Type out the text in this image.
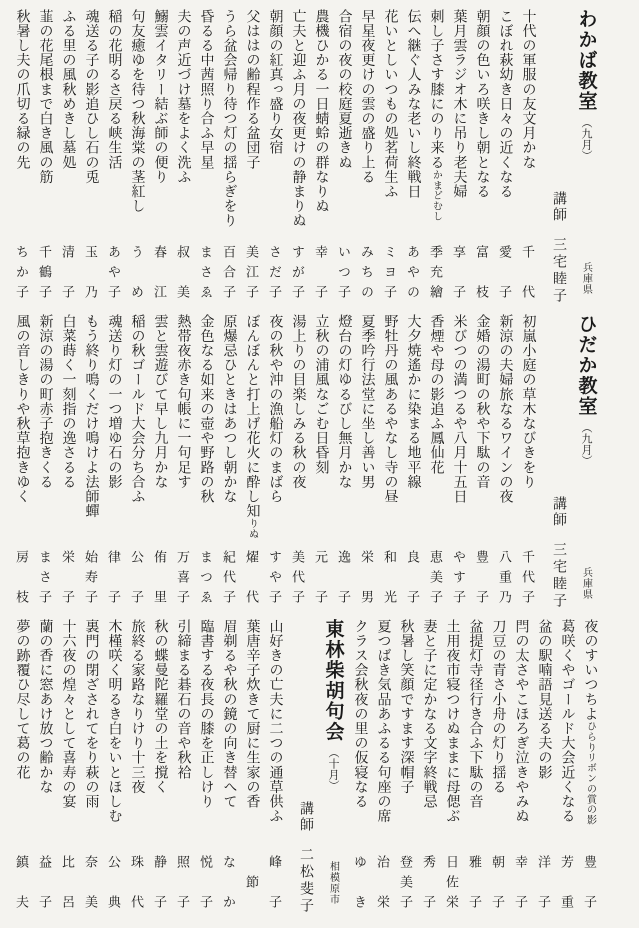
わかば教室
（九月）
兵庫県
講師
三宅睦子
十代の軍服の友文月かな
千　代
こぼれ萩幼き日々の近くなる
愛　子
朝顔の色いろ咲きし朝となる
富　枝
葉月雲ラジオ木に吊り老夫婦
享　子
刺し子さす膝にのり来るかまどむし
季充繪
伝へ継ぐ人みな老いし終戦日
あやの
花いとしいつもの処茗荷生ふ
ミヨ子
早星夜更けの雲の盛り上る
みちの
合宿の夜の校庭夏逝きぬ
いつ子
農機ひかる一日蜻蛉の群なりぬ
幸　子
亡夫と迎ふ月の夜更けの静まりぬ
すが子
朝顔の紅真っ盛り女宿
さだ子
父ははの齢程作る盆団子
美江子
うら盆会帰り待つ灯の揺らぎをり
百合子
昏るる中茜照り合ふ早星
まさゑ
夫の声近づけ墓をよく洗ふ
叔　美
鰯雲イタリー結ぶ師の便り
春　江
句友癒ゆを待つ秋海棠の茎紅し
う　め
稲の花明るさ戻る峡生活
あや子
魂送る子の影追ひし石の兎
玉　乃
ふる里の風秋めきし墓処
清　子
韮の花尾根まで白き風の筋
千鶴子
秋暑し夫の爪切る緑の先
ちか子
ひだか教室
（九月）
兵庫県
講師
三宅睦子
初嵐小庭の草木なびきをり
千代子
新涼の夫婦旅なるワインの夜
八重乃
金婚の湯町の秋や下駄の音
豊　子
米びつの満つるや八月十五日
やす子
香煙や母の影追ふ鳳仙花
恵美子
大夕焼遙かに染まる地平線
良　子
野牡丹の風あるやなし寺の昼
和　光
夏季吟行法堂に坐し善い男
栄　男
燈台の灯ゆるびし無月かな
逸　子
立秋の浦風なごむ日昏刻
元　子
湯上りの目楽しみる秋の夜
美代子
夜の秋や沖の漁船灯のまばら
すや子
ぼんぼんと打上げ花火に酔し知りぬ
燿　代
原爆忌ひときはあつし朝かな
紀代子
金色なる如来の壺や野路の秋
まつゑ
熱帯夜赤き句帳に一句足す
万喜子
雲と雲遊びて早し九月かな
侑　里
稲の秋ゴールド大会分ち合ふ
公　子
魂送り灯の一つ増ゆ石の影
律　子
もう終り鳴くだけ鳴けよ法師蟬
始寿子
白菜蒔く一刻指の逸さるる
栄　子
新涼の湯の町赤子抱きくる
まさ子
風の音しきりや秋草抱きゆく
房　枝
夜のすいつちよひらりリボンの賞の影
豊　子
葛咲くやゴールド大会近くなる
芳　重
盆の駅喃語見送る夫の影
洋　子
閂の太さやこほろぎ泣きやみぬ
幸　子
刀豆の青さ小舟の灯り揺る
朝　子
盆提灯寺径行き合ふ下駄の音
雅　子
土用夜市寝つけぬままに母偲ぶ
日佐栄
妻と子に定かなる文字終戦忌
秀　子
秋暑し笑顔ですます深帽子
登美子
夏つばき気品あふるる句座の席
治　栄
クラス会秋夜の里の仮寝なる
ゆ　き
東林柴胡句会
（十月）
相模原市
講師
二松斐子
山好きの亡夫に二つの通草供ふ
峰　子
葉唐辛子炊きて厨に生家の香
　節　
眉剃るや秋の鏡の向き替へて
な　か
臨書する夜長の膝を正しけり
悦　子
引締まる碁石の音や秋袷
照　子
秋の蝶曼陀羅堂の土を撹く
静　子
旅終る家路なりけり十三夜
珠　代
木槿咲く明るき白をいとほしむ
公　典
裏門の閉ざされてをり萩の雨
奈　美
十六夜の煌々として喜寿の宴
比　呂
蘭の香に窓あけ放つ齢かな
益　子
夢の跡覆ひ尽して葛の花
鎮　夫
